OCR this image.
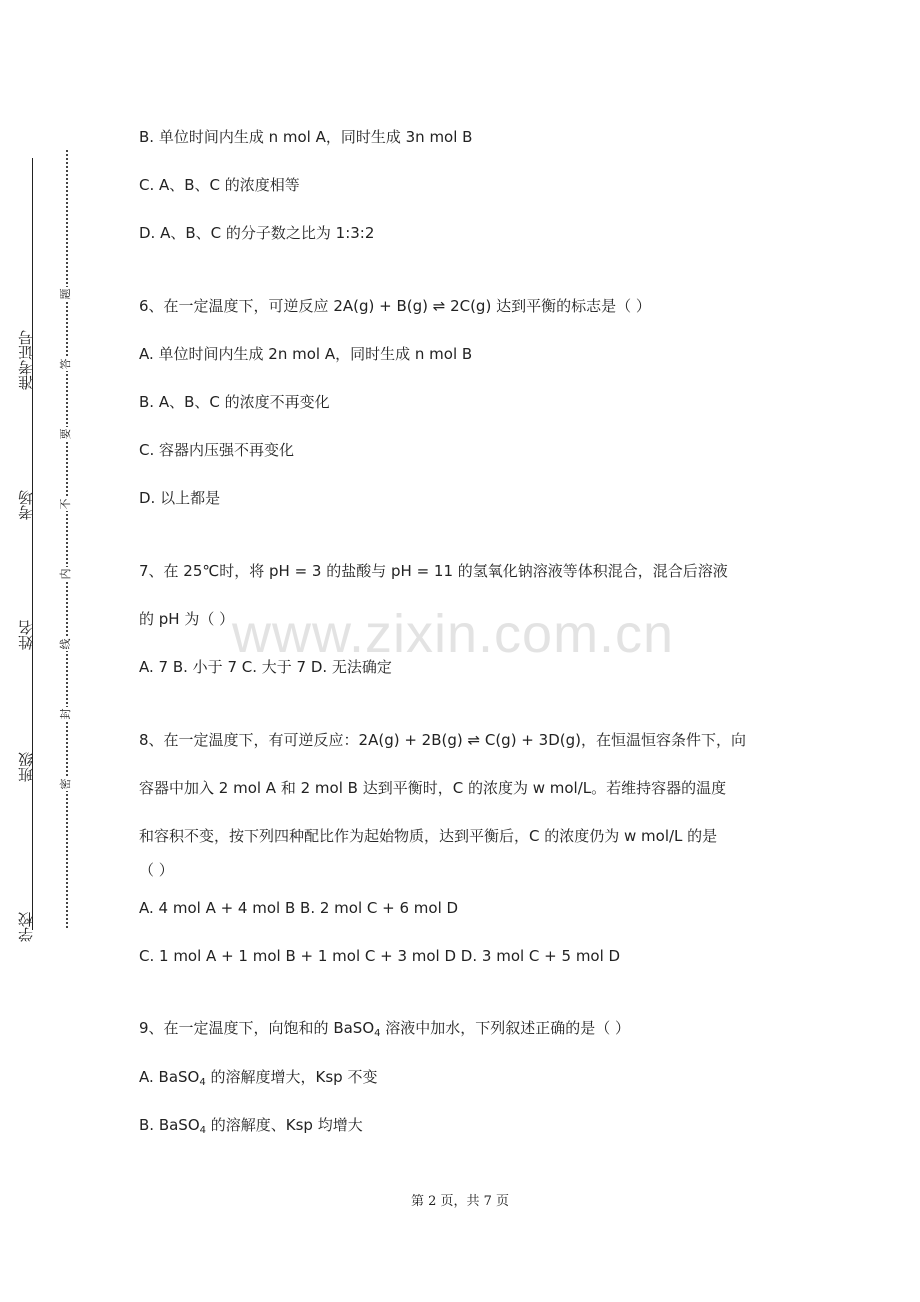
准考证号
考场
姓名
班级
学校
题
答
要
不
内
线
封
密
www.zixin.com.cn
B. 单位时间内生成 n mol A，同时生成 3n mol B
C. A、B、C 的浓度相等
D. A、B、C 的分子数之比为 1:3:2
6、在一定温度下，可逆反应 2A(g) + B(g) ⇌ 2C(g) 达到平衡的标志是（ ）
A. 单位时间内生成 2n mol A，同时生成 n mol B
B. A、B、C 的浓度不再变化
C. 容器内压强不再变化
D. 以上都是
7、在 25℃时，将 pH = 3 的盐酸与 pH = 11 的氢氧化钠溶液等体积混合，混合后溶液
的 pH 为（ ）
A. 7 B. 小于 7 C. 大于 7 D. 无法确定
8、在一定温度下，有可逆反应：2A(g) + 2B(g) ⇌ C(g) + 3D(g)，在恒温恒容条件下，向
容器中加入 2 mol A 和 2 mol B 达到平衡时，C 的浓度为 w mol/L。若维持容器的温度
和容积不变，按下列四种配比作为起始物质，达到平衡后，C 的浓度仍为 w mol/L 的是
（ ）
A. 4 mol A + 4 mol B B. 2 mol C + 6 mol D
C. 1 mol A + 1 mol B + 1 mol C + 3 mol D D. 3 mol C + 5 mol D
9、在一定温度下，向饱和的 BaSO$_4$ 溶液中加水，下列叙述正确的是（ ）
A. BaSO$_4$ 的溶解度增大，Ksp 不变
B. BaSO$_4$ 的溶解度、Ksp 均增大
第 2 页，共 7 页
